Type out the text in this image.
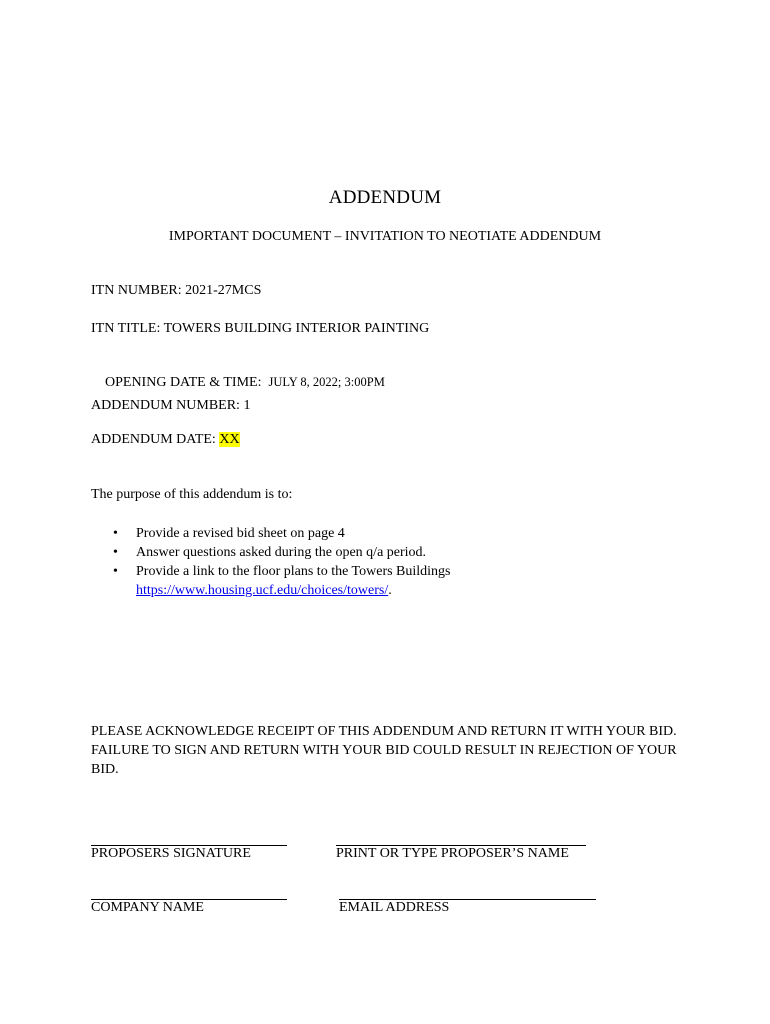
ADDENDUM
IMPORTANT DOCUMENT – INVITATION TO NEOTIATE ADDENDUM
ITN NUMBER: 2021-27MCS
ITN TITLE: TOWERS BUILDING INTERIOR PAINTING

OPENING DATE & TIME:  JULY 8, 2022; 3:00PM

ADDENDUM NUMBER: 1
ADDENDUM DATE: XX
The purpose of this addendum is to:
• Provide a revised bid sheet on page 4
• Answer questions asked during the open q/a period.
• Provide a link to the floor plans to the Towers Buildings
https://www.housing.ucf.edu/choices/towers/.
PLEASE ACKNOWLEDGE RECEIPT OF THIS ADDENDUM AND RETURN IT WITH YOUR BID. FAILURE TO SIGN AND RETURN WITH YOUR BID COULD RESULT IN REJECTION OF YOUR BID.
PROPOSERS SIGNATURE	PRINT OR TYPE PROPOSER’S NAME
COMPANY NAME	EMAIL ADDRESS
